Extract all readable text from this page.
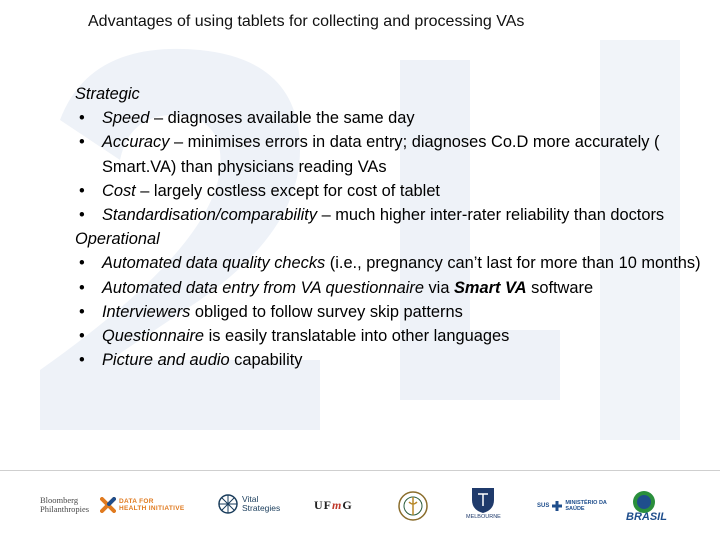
Advantages of using tablets for collecting and processing VAs
Strategic
•
Speed – diagnoses available the same day
•
Accuracy – minimises errors in data entry; diagnoses Co.D more accurately ( Smart.VA) than physicians reading VAs
•
Cost – largely costless except for cost of tablet
•
Standardisation/comparability – much higher inter-rater reliability than doctors
Operational
•
Automated data quality checks (i.e., pregnancy can’t last for more than 10 months)
•
Automated data entry from VA questionnaire via Smart VA software
•
Interviewers obliged to follow survey skip patterns
•
Questionnaire is easily translatable into other languages
•
Picture and audio capability
Bloomberg
Philanthropies
DATA FOR
HEALTH INITIATIVE
Vital
Strategies	UF m G
MELBOURNE
SUS	MINISTÉRIO DA
SAÚDE
BRASIL
